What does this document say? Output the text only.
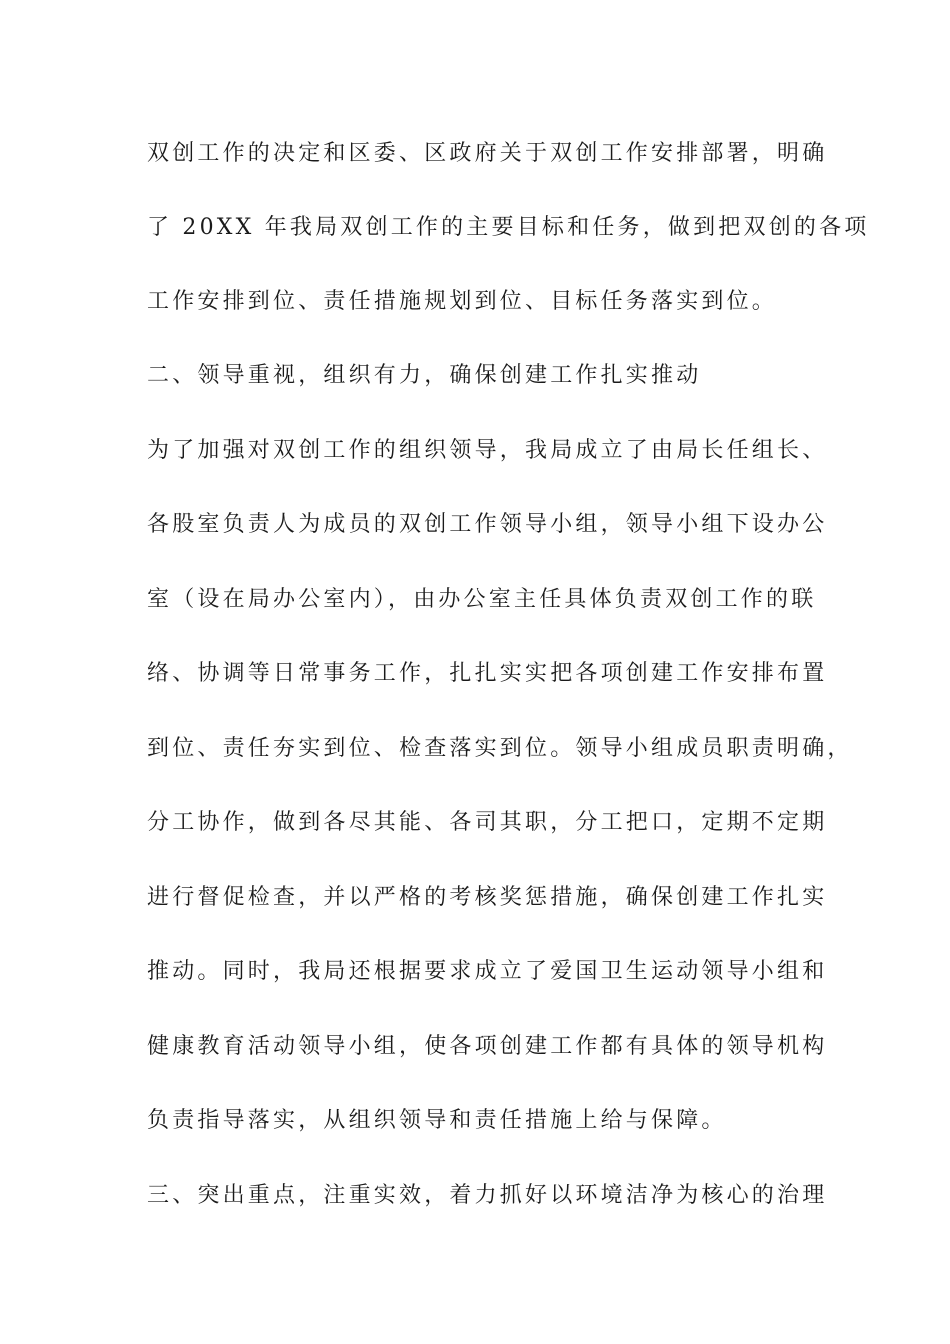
双创工作的决定和区委、区政府关于双创工作安排部署，明确
了 20XX 年我局双创工作的主要目标和任务，做到把双创的各项
工作安排到位、责任措施规划到位、目标任务落实到位。
二、领导重视，组织有力，确保创建工作扎实推动
为了加强对双创工作的组织领导，我局成立了由局长任组长、
各股室负责人为成员的双创工作领导小组，领导小组下设办公
室（设在局办公室内），由办公室主任具体负责双创工作的联
络、协调等日常事务工作，扎扎实实把各项创建工作安排布置
到位、责任夯实到位、检查落实到位。领导小组成员职责明确，
分工协作，做到各尽其能、各司其职，分工把口，定期不定期
进行督促检查，并以严格的考核奖惩措施，确保创建工作扎实
推动。同时，我局还根据要求成立了爱国卫生运动领导小组和
健康教育活动领导小组，使各项创建工作都有具体的领导机构
负责指导落实，从组织领导和责任措施上给与保障。
三、突出重点，注重实效，着力抓好以环境洁净为核心的治理
